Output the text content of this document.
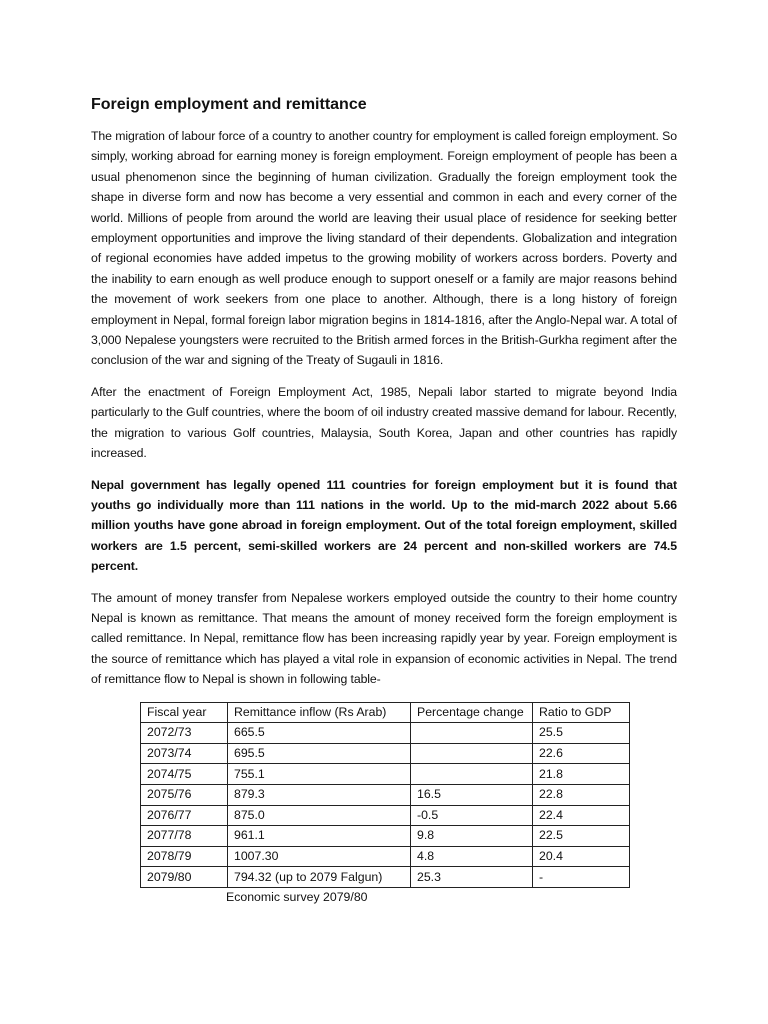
Foreign employment and remittance

The migration of labour force of a country to another country for employment is called foreign employment. So simply, working abroad for earning money is foreign employment. Foreign employment of people has been a usual phenomenon since the beginning of human civilization. Gradually the foreign employment took the shape in diverse form and now has become a very essential and common in each and every corner of the world. Millions of people from around the world are leaving their usual place of residence for seeking better employment opportunities and improve the living standard of their dependents. Globalization and integration of regional economies have added impetus to the growing mobility of workers across borders. Poverty and the inability to earn enough as well produce enough to support oneself or a family are major reasons behind the movement of work seekers from one place to another. Although, there is a long history of foreign employment in Nepal, formal foreign labor migration begins in 1814-1816, after the Anglo-Nepal war. A total of 3,000 Nepalese youngsters were recruited to the British armed forces in the British-Gurkha regiment after the conclusion of the war and signing of the Treaty of Sugauli in 1816.

After the enactment of Foreign Employment Act, 1985, Nepali labor started to migrate beyond India particularly to the Gulf countries, where the boom of oil industry created massive demand for labour. Recently, the migration to various Golf countries, Malaysia, South Korea, Japan and other countries has rapidly increased.

Nepal government has legally opened 111 countries for foreign employment but it is found that youths go individually more than 111 nations in the world. Up to the mid-march 2022 about 5.66 million youths have gone abroad in foreign employment. Out of the total foreign employment, skilled workers are 1.5 percent, semi-skilled workers are 24 percent and non-skilled workers are 74.5 percent.

The amount of money transfer from Nepalese workers employed outside the country to their home country Nepal is known as remittance. That means the amount of money received form the foreign employment is called remittance. In Nepal, remittance flow has been increasing rapidly year by year. Foreign employment is the source of remittance which has played a vital role in expansion of economic activities in Nepal. The trend of remittance flow to Nepal is shown in following table-

Fiscal year	Remittance inflow (Rs Arab)	Percentage change	Ratio to GDP
2072/73	665.5		25.5
2073/74	695.5		22.6
2074/75	755.1		21.8
2075/76	879.3	16.5	22.8
2076/77	875.0	-0.5	22.4
2077/78	961.1	9.8	22.5
2078/79	1007.30	4.8	20.4
2079/80	794.32 (up to 2079 Falgun)	25.3	-
Economic survey 2079/80
